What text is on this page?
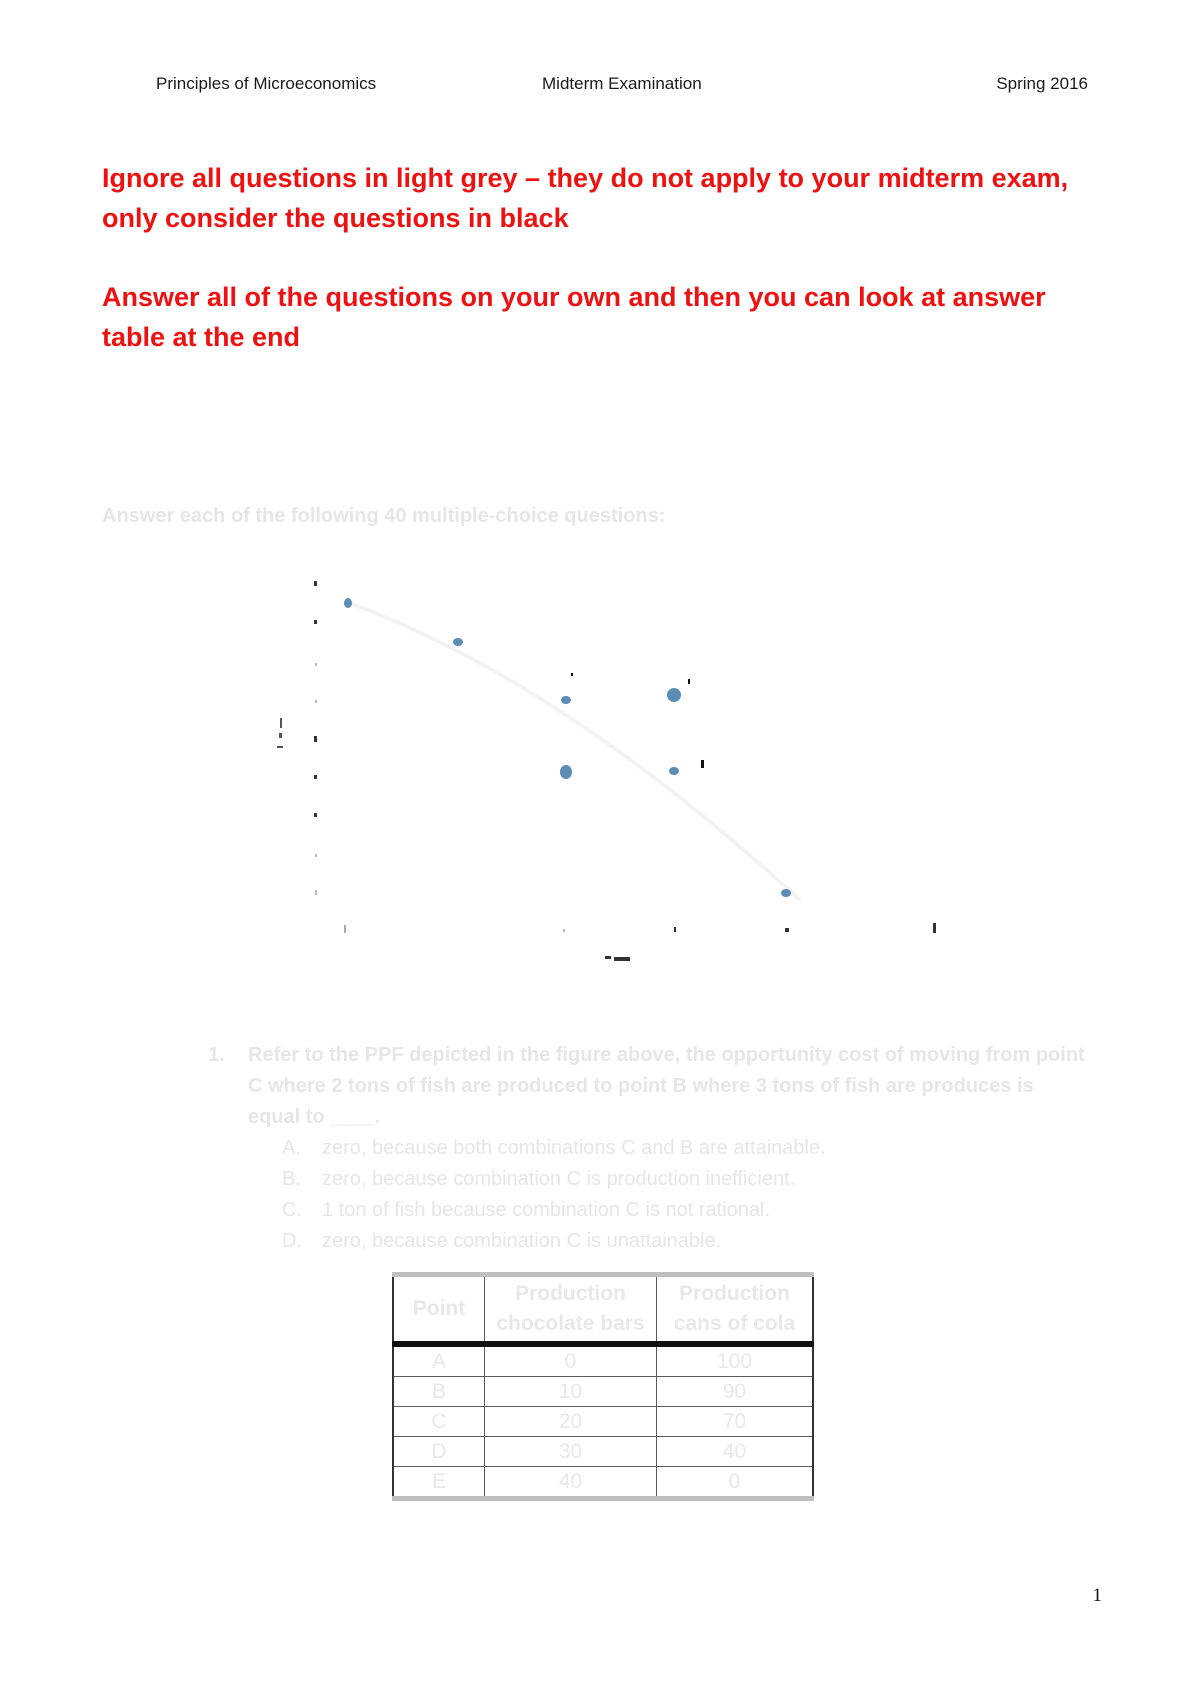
Principles of Microeconomics	Midterm Examination	Spring 2016
Ignore all questions in light grey – they do not apply to your midterm exam, only consider the questions in black
Answer all of the questions on your own and then you can look at answer table at the end
Answer each of the following 40 multiple-choice questions:
1.	Refer to the PPF depicted in the figure above, the opportunity cost of moving from point C where 2 tons of fish are produced to point B where 3 tons of fish are produces is equal to ____.
A.	zero, because both combinations C and B are attainable.
B.	zero, because combination C is production inefficient.
C.	1 ton of fish because combination C is not rational.
D.	zero, because combination C is unattainable.
Point	Production chocolate bars	Production cans of cola
A	0	100
B	10	90
C	20	70
D	30	40
E	40	0
1
